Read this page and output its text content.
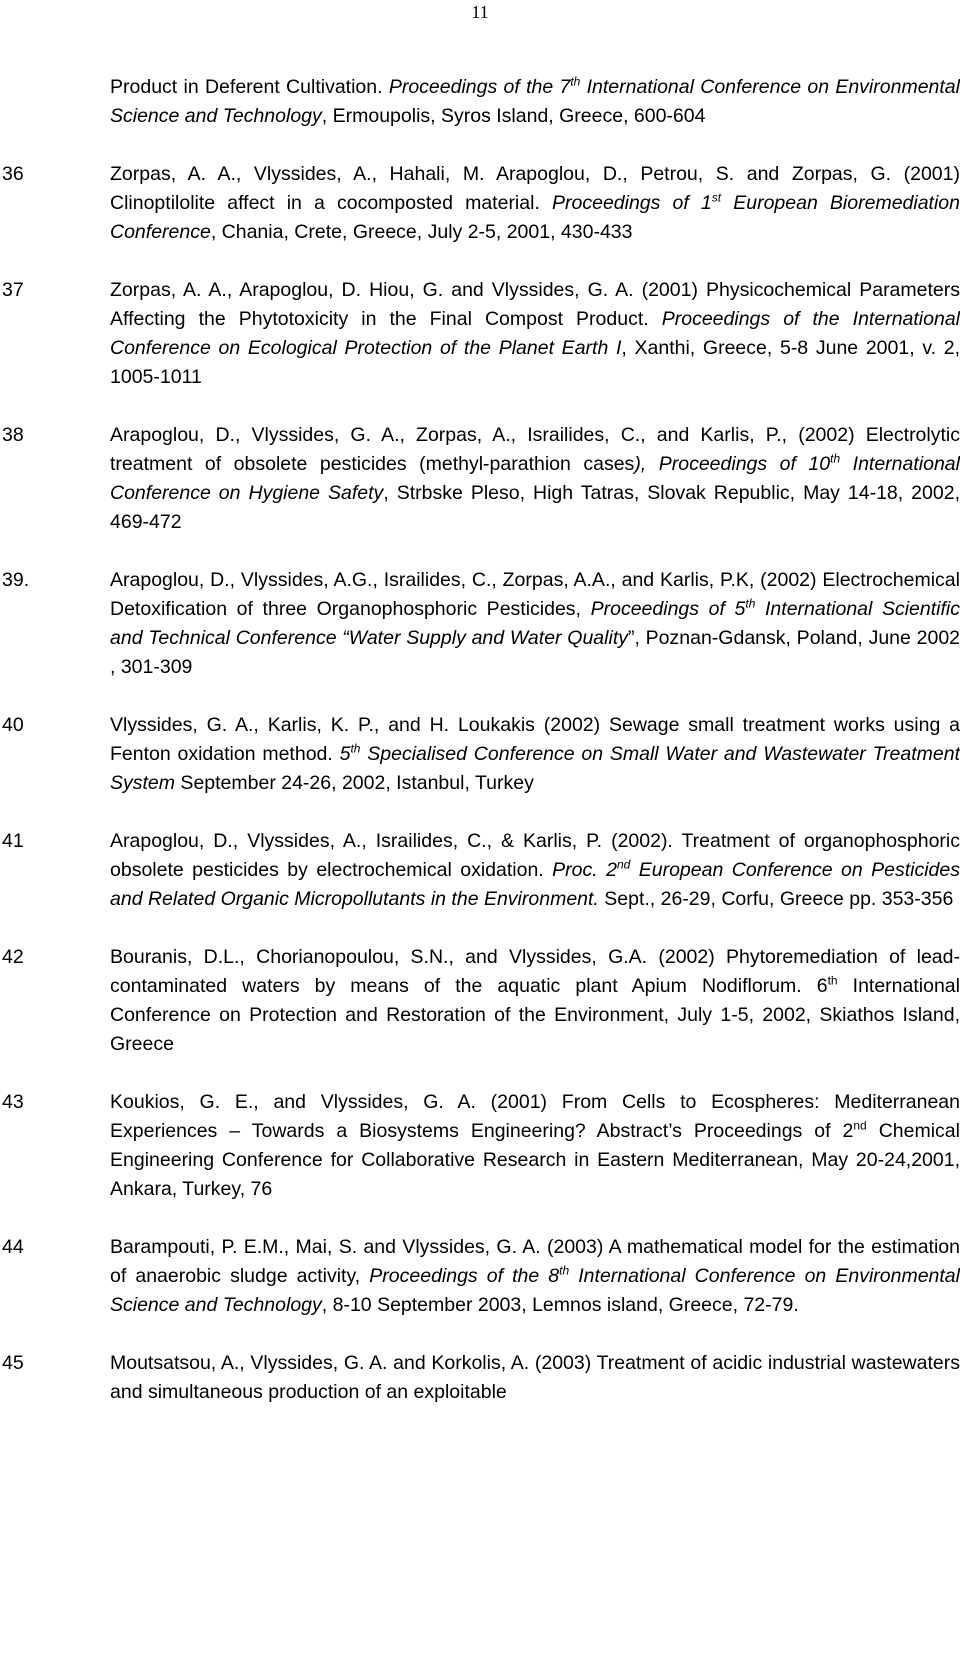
11
Product in Deferent Cultivation. Proceedings of the 7th International Conference on Environmental Science and Technology, Ermoupolis, Syros Island, Greece, 600-604
36	Zorpas, A. A., Vlyssides, A., Hahali, M. Arapoglou, D., Petrou, S. and Zorpas, G. (2001) Clinoptilolite affect in a cocomposted material. Proceedings of 1st European Bioremediation Conference, Chania, Crete, Greece, July 2-5, 2001, 430-433
37	Zorpas, A. A., Arapoglou, D. Hiou, G. and Vlyssides, G. A. (2001) Physicochemical Parameters Affecting the Phytotoxicity in the Final Compost Product. Proceedings of the International Conference on Ecological Protection of the Planet Earth I, Xanthi, Greece, 5-8 June 2001, v. 2, 1005-1011
38	Arapoglou, D., Vlyssides, G. A., Zorpas, A., Israilides, C., and Karlis, P., (2002) Electrolytic treatment of obsolete pesticides (methyl-parathion cases), Proceedings of 10th International Conference on Hygiene Safety, Strbske Pleso, High Tatras, Slovak Republic, May 14-18, 2002, 469-472
39.	Arapoglou, D., Vlyssides, A.G., Israilides, C., Zorpas, A.A., and Karlis, P.K, (2002) Electrochemical Detoxification of three Organophosphoric Pesticides, Proceedings of 5th International Scientific and Technical Conference “Water Supply and Water Quality”, Poznan-Gdansk, Poland, June 2002 , 301-309
40	Vlyssides, G. A., Karlis, K. P., and H. Loukakis (2002) Sewage small treatment works using a Fenton oxidation method. 5th Specialised Conference on Small Water and Wastewater Treatment System September 24-26, 2002, Istanbul, Turkey
41	Arapoglou, D., Vlyssides, A., Israilides, C., & Karlis, P. (2002). Treatment of organophosphoric obsolete pesticides by electrochemical oxidation. Proc. 2nd European Conference on Pesticides and Related Organic Micropollutants in the Environment. Sept., 26-29, Corfu, Greece pp. 353-356
42	Bouranis, D.L., Chorianopoulou, S.N., and Vlyssides, G.A. (2002) Phytoremediation of lead-contaminated waters by means of the aquatic plant Apium Nodiflorum. 6th International Conference on Protection and Restoration of the Environment, July 1-5, 2002, Skiathos Island, Greece
43	Koukios, G. E., and Vlyssides, G. A. (2001) From Cells to Ecospheres: Mediterranean Experiences – Towards a Biosystems Engineering? Abstract’s Proceedings of 2nd Chemical Engineering Conference for Collaborative Research in Eastern Mediterranean, May 20-24,2001, Ankara, Turkey, 76
44	Barampouti, P. E.M., Mai, S. and Vlyssides, G. A. (2003) A mathematical model for the estimation of anaerobic sludge activity, Proceedings of the 8th International Conference on Environmental Science and Technology, 8-10 September 2003, Lemnos island, Greece, 72-79.
45	Moutsatsou, A., Vlyssides, G. A. and Korkolis, A. (2003) Treatment of acidic industrial wastewaters and simultaneous production of an exploitable
